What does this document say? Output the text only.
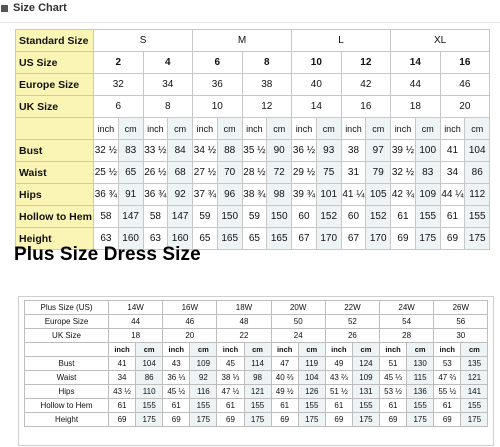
Size Chart
Standard Size	S				M				L				XL			
US Size	2		4		6		8		10		12		14		16	
Europe Size	32		34		36		38		40		42		44		46	
UK Size	6		8		10		12		14		16		18		20	
	inch	cm	inch	cm	inch	cm	inch	cm	inch	cm	inch	cm	inch	cm	inch	cm
Bust	32 ½	83	33 ½	84	34 ½	88	35 ½	90	36 ½	93	38	97	39 ½	100	41	104
Waist	25 ½	65	26 ½	68	27 ½	70	28 ½	72	29 ½	75	31	79	32 ½	83	34	86
Hips	36 ¾	91	36 ¾	92	37 ¾	96	38 ¾	98	39 ¾	101	41 ¼	105	42 ¾	109	44 ¼	112
Hollow to Hem	58	147	58	147	59	150	59	150	60	152	60	152	61	155	61	155
Height	63	160	63	160	65	165	65	165	67	170	67	170	69	175	69	175
Plus Size Dress Size
Plus Size (US)	14W		16W		18W		20W		22W		24W		26W	
Europe Size	44		46		48		50		52		54		56	
UK Size	18		20		22		24		26		28		30	
	inch	cm	inch	cm	inch	cm	inch	cm	inch	cm	inch	cm	inch	cm
Bust	41	104	43	109	45	114	47	119	49	124	51	130	53	135
Waist	34	86	36 ⅓	92	38 ⅓	98	40 ⅔	104	43 ⅔	109	45 ⅓	115	47 ⅔	121
Hips	43 ½	110	45 ½	116	47 ½	121	49 ½	126	51 ½	131	53 ½	136	55 ½	141
Hollow to Hem	61	155	61	155	61	155	61	155	61	155	61	155	61	155
Height	69	175	69	175	69	175	69	175	69	175	69	175	69	175
